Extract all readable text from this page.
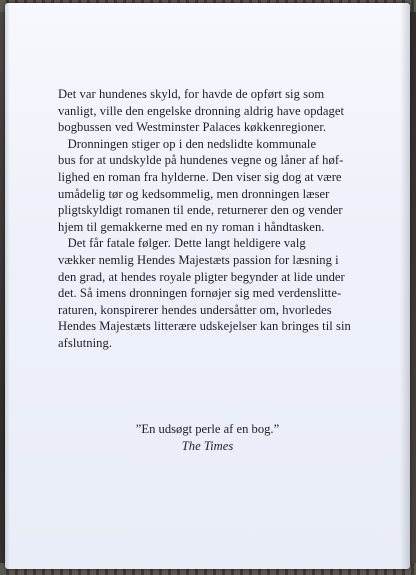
Det var hundenes skyld, for havde de opført sig som
vanligt, ville den engelske dronning aldrig have opdaget
bogbussen ved Westminster Palaces køkkenregioner.
Dronningen stiger op i den nedslidte kommunale
bus for at undskylde på hundenes vegne og låner af høf-
lighed en roman fra hylderne. Den viser sig dog at være
umådelig tør og kedsommelig, men dronningen læser
pligtskyldigt romanen til ende, returnerer den og vender
hjem til gemakkerne med en ny roman i håndtasken.
Det får fatale følger. Dette langt heldigere valg
vækker nemlig Hendes Majestæts passion for læsning i
den grad, at hendes royale pligter begynder at lide under
det. Så imens dronningen fornøjer sig med verdenslitte-
raturen, konspirerer hendes undersåtter om, hvorledes
Hendes Majestæts litterære udskejelser kan bringes til sin
afslutning.
”En udsøgt perle af en bog.”
The Times
